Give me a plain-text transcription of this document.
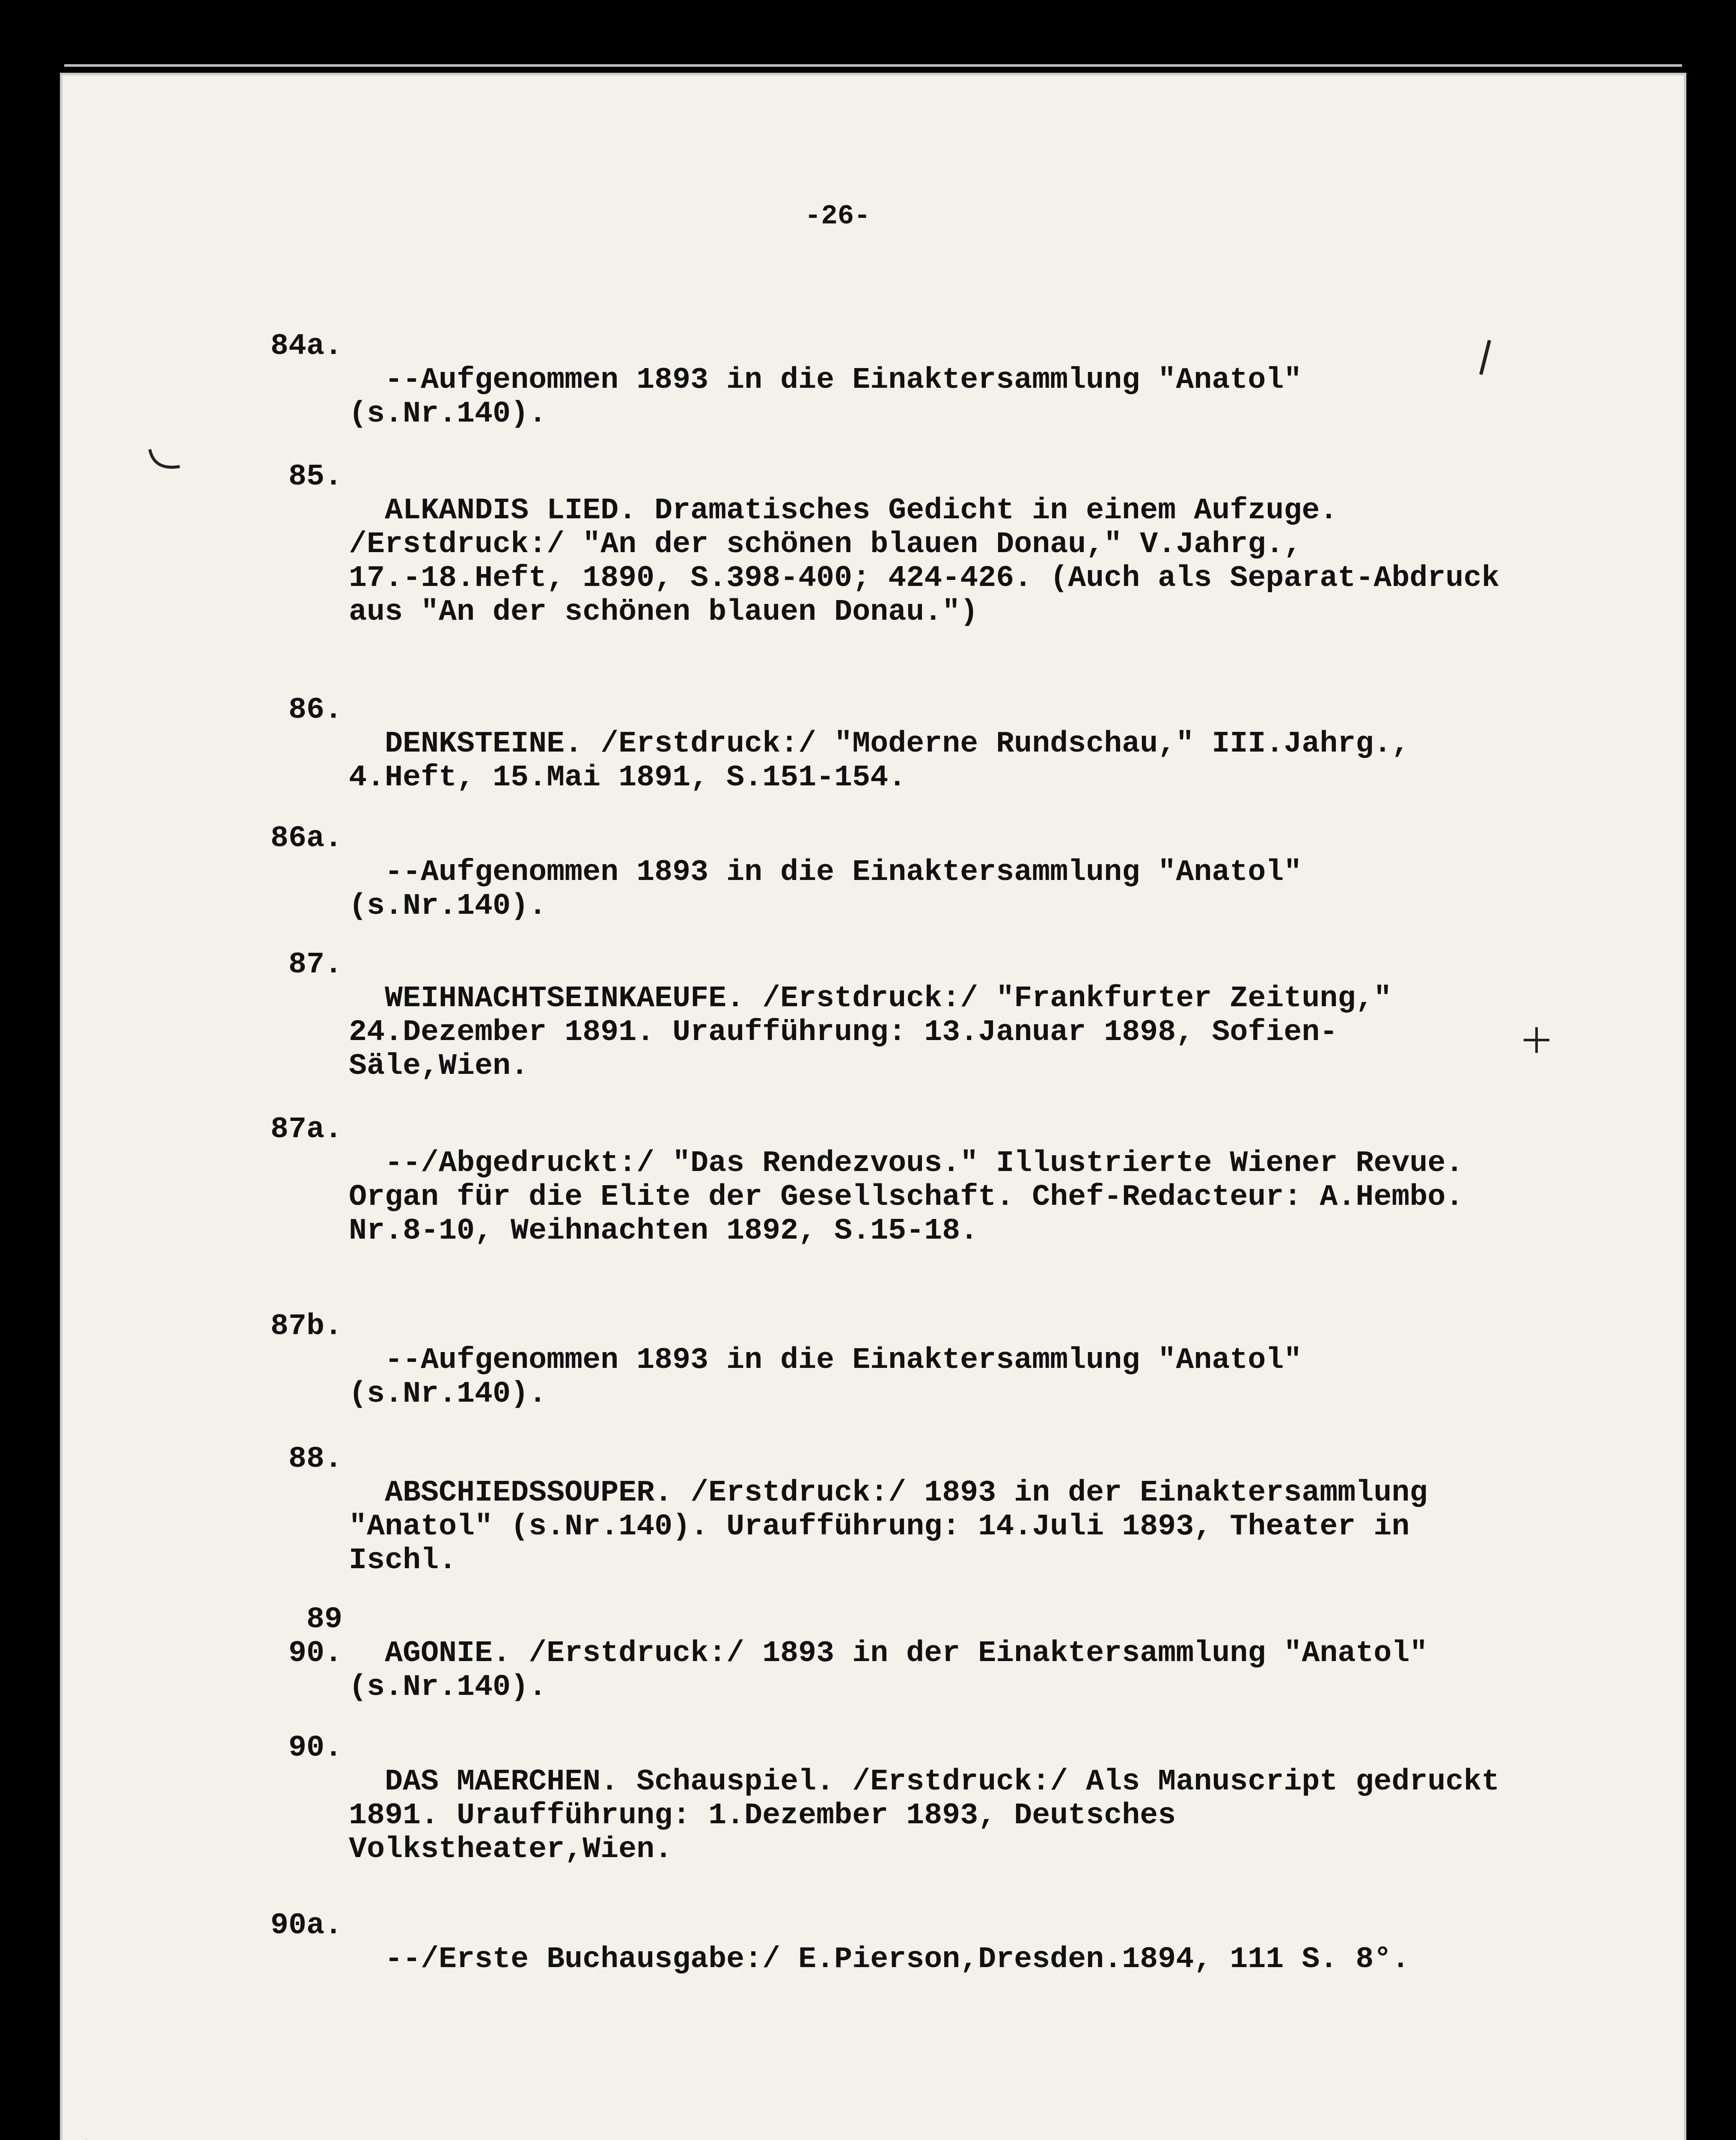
-26-

84a.
--Aufgenommen 1893 in die Einaktersammlung "Anatol" (s.Nr.140).

85.
ALKANDIS LIED. Dramatisches Gedicht in einem Aufzuge. /Erstdruck:/ "An der schönen blauen Donau," V.Jahrg., 17.-18.Heft, 1890, S.398-400; 424-426. (Auch als Separat-Abdruck aus "An der schönen blauen Donau.")

86.
DENKSTEINE. /Erstdruck:/ "Moderne Rundschau," III.Jahrg., 4.Heft, 15.Mai 1891, S.151-154.

86a.
--Aufgenommen 1893 in die Einaktersammlung "Anatol" (s.Nr.140).

87.
WEIHNACHTSEINKAEUFE. /Erstdruck:/ "Frankfurter Zeitung," 24.Dezember 1891. Uraufführung: 13.Januar 1898, Sofien-Säle,Wien.

87a.
--/Abgedruckt:/ "Das Rendezvous." Illustrierte Wiener Revue. Organ für die Elite der Gesellschaft. Chef-Redacteur: A.Hembo. Nr.8-10, Weihnachten 1892, S.15-18.

87b.
--Aufgenommen 1893 in die Einaktersammlung "Anatol" (s.Nr.140).

88.
ABSCHIEDSSOUPER. /Erstdruck:/ 1893 in der Einaktersammlung "Anatol" (s.Nr.140). Uraufführung: 14.Juli 1893, Theater in Ischl.

89 90. AGONIE. /Erstdruck:/ 1893 in der Einaktersammlung "Anatol" (s.Nr.140).

90.
DAS MAERCHEN. Schauspiel. /Erstdruck:/ Als Manuscript gedruckt 1891. Uraufführung: 1.Dezember 1893, Deutsches Volkstheater,Wien.

90a.
--/Erste Buchausgabe:/ E.Pierson,Dresden.1894, 111 S. 8°.
